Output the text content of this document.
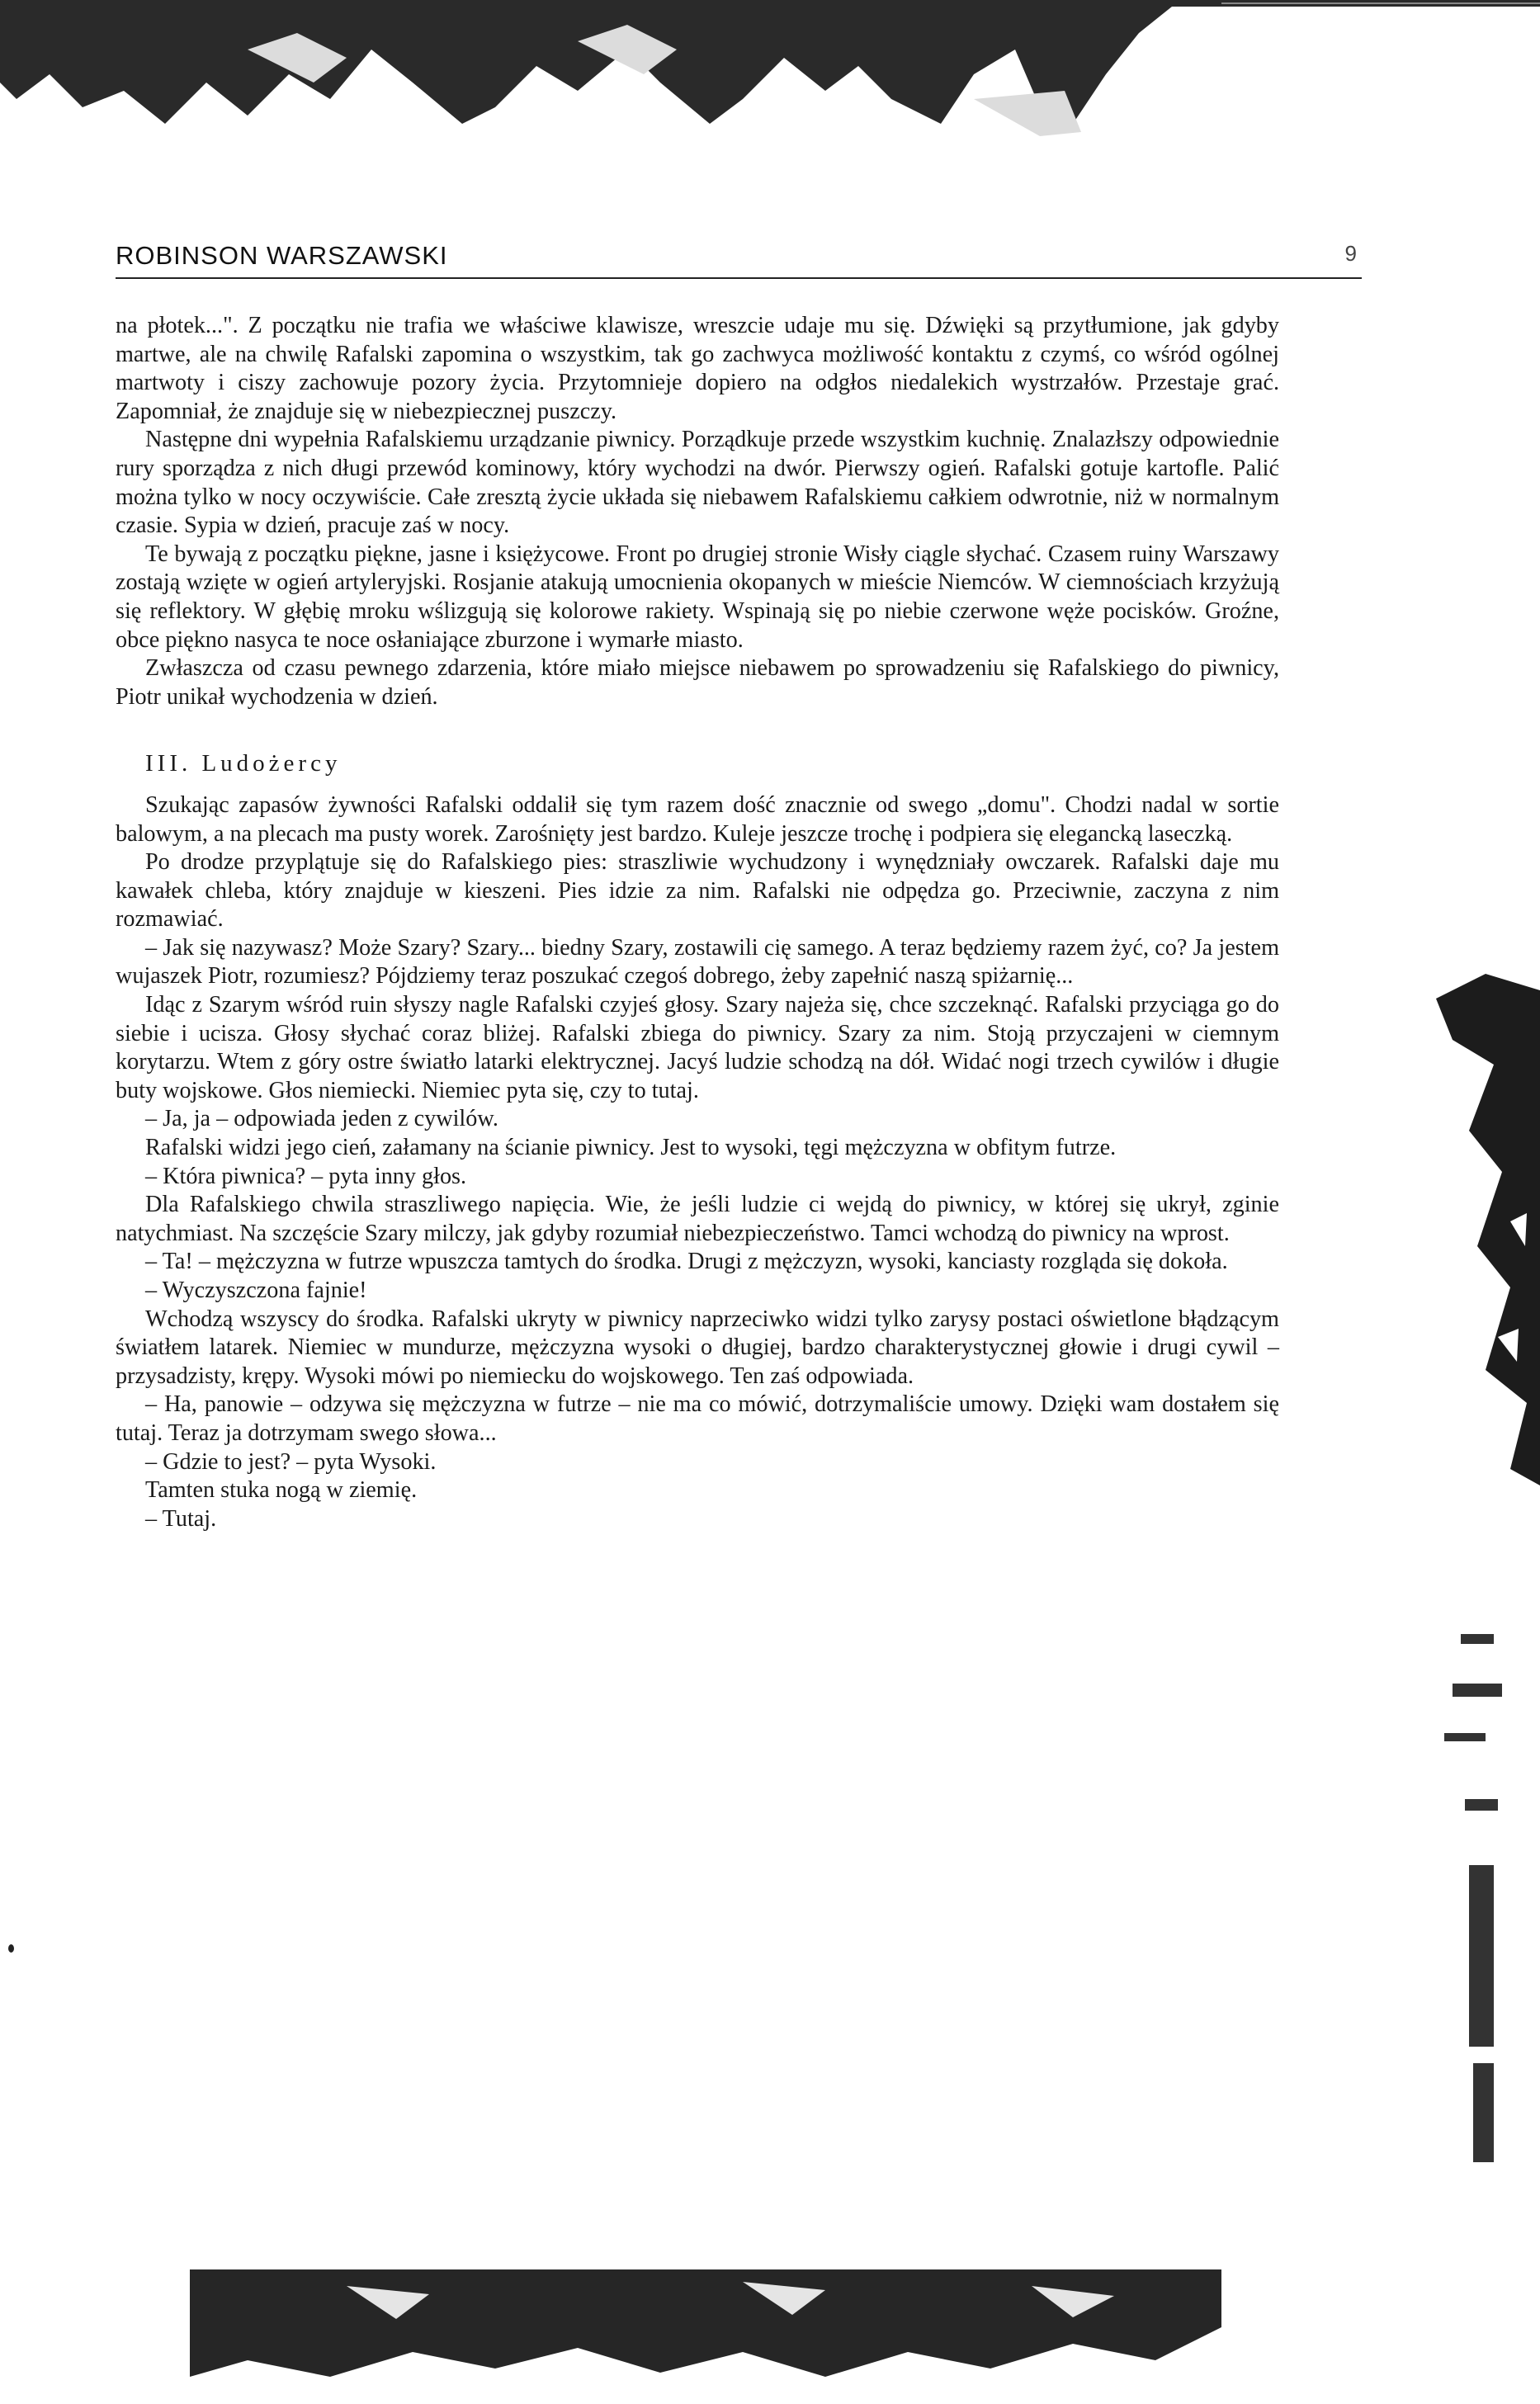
ROBINSON WARSZAWSKI	9

na płotek...". Z początku nie trafia we właściwe klawisze, wreszcie udaje mu się. Dźwięki są przytłumione, jak gdyby martwe, ale na chwilę Rafalski zapomina o wszystkim, tak go zachwyca możliwość kontaktu z czymś, co wśród ogólnej martwoty i ciszy zachowuje pozory życia. Przytomnieje dopiero na odgłos niedalekich wystrzałów. Przestaje grać. Zapomniał, że znajduje się w niebezpiecznej puszczy.

Następne dni wypełnia Rafalskiemu urządzanie piwnicy. Porządkuje przede wszystkim kuchnię. Znalazłszy odpowiednie rury sporządza z nich długi przewód kominowy, który wychodzi na dwór. Pierwszy ogień. Rafalski gotuje kartofle. Palić można tylko w nocy oczywiście. Całe zresztą życie układa się niebawem Rafalskiemu całkiem odwrotnie, niż w normalnym czasie. Sypia w dzień, pracuje zaś w nocy.

Te bywają z początku piękne, jasne i księżycowe. Front po drugiej stronie Wisły ciągle słychać. Czasem ruiny Warszawy zostają wzięte w ogień artyleryjski. Rosjanie atakują umocnienia okopanych w mieście Niemców. W ciemnościach krzyżują się reflektory. W głębię mroku wślizgują się kolorowe rakiety. Wspinają się po niebie czerwone węże pocisków. Groźne, obce piękno nasyca te noce osłaniające zburzone i wymarłe miasto.

Zwłaszcza od czasu pewnego zdarzenia, które miało miejsce niebawem po sprowadzeniu się Rafalskiego do piwnicy, Piotr unikał wychodzenia w dzień.

III. Ludożercy

Szukając zapasów żywności Rafalski oddalił się tym razem dość znacznie od swego „domu". Chodzi nadal w sortie balowym, a na plecach ma pusty worek. Zarośnięty jest bardzo. Kuleje jeszcze trochę i podpiera się elegancką laseczką.

Po drodze przyplątuje się do Rafalskiego pies: straszliwie wychudzony i wynędzniały owczarek. Rafalski daje mu kawałek chleba, który znajduje w kieszeni. Pies idzie za nim. Rafalski nie odpędza go. Przeciwnie, zaczyna z nim rozmawiać.

– Jak się nazywasz? Może Szary? Szary... biedny Szary, zostawili cię samego. A teraz będziemy razem żyć, co? Ja jestem wujaszek Piotr, rozumiesz? Pójdziemy teraz poszukać czegoś dobrego, żeby zapełnić naszą spiżarnię...

Idąc z Szarym wśród ruin słyszy nagle Rafalski czyjeś głosy. Szary najeża się, chce szczeknąć. Rafalski przyciąga go do siebie i ucisza. Głosy słychać coraz bliżej. Rafalski zbiega do piwnicy. Szary za nim. Stoją przyczajeni w ciemnym korytarzu. Wtem z góry ostre światło latarki elektrycznej. Jacyś ludzie schodzą na dół. Widać nogi trzech cywilów i długie buty wojskowe. Głos niemiecki. Niemiec pyta się, czy to tutaj.

– Ja, ja – odpowiada jeden z cywilów.

Rafalski widzi jego cień, załamany na ścianie piwnicy. Jest to wysoki, tęgi mężczyzna w obfitym futrze.

– Która piwnica? – pyta inny głos.

Dla Rafalskiego chwila straszliwego napięcia. Wie, że jeśli ludzie ci wejdą do piwnicy, w której się ukrył, zginie natychmiast. Na szczęście Szary milczy, jak gdyby rozumiał niebezpieczeństwo. Tamci wchodzą do piwnicy na wprost.

– Ta! – mężczyzna w futrze wpuszcza tamtych do środka. Drugi z mężczyzn, wysoki, kanciasty rozgląda się dokoła.

– Wyczyszczona fajnie!

Wchodzą wszyscy do środka. Rafalski ukryty w piwnicy naprzeciwko widzi tylko zarysy postaci oświetlone błądzącym światłem latarek. Niemiec w mundurze, mężczyzna wysoki o długiej, bardzo charakterystycznej głowie i drugi cywil – przysadzisty, krępy. Wysoki mówi po niemiecku do wojskowego. Ten zaś odpowiada.

– Ha, panowie – odzywa się mężczyzna w futrze – nie ma co mówić, dotrzymaliście umowy. Dzięki wam dostałem się tutaj. Teraz ja dotrzymam swego słowa...

– Gdzie to jest? – pyta Wysoki.

Tamten stuka nogą w ziemię.

– Tutaj.
